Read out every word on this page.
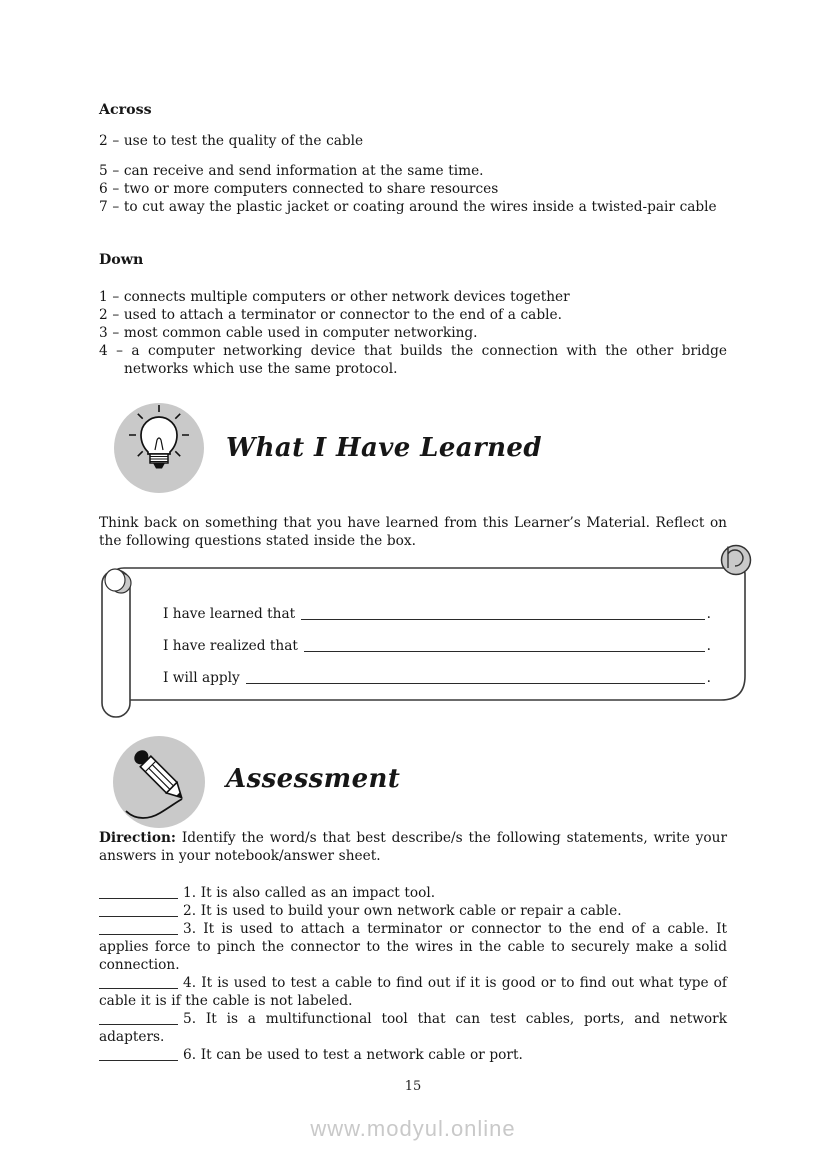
Across
2 – use to test the quality of the cable
5 – can receive and send information at the same time.
6 – two or more computers connected to share resources
7 – to cut away the plastic jacket or coating around the wires inside a twisted-pair cable
Down
1 – connects multiple computers or other network devices together
2 – used to attach a terminator or connector to the end of a cable.
3 – most common cable used in computer networking.
4 – a computer networking device that builds the connection with the other bridge networks which use the same protocol.
What I Have Learned
Think back on something that you have learned from this Learner’s Material. Reflect on the following questions stated inside the box.
I have learned that	.
I have realized that	.
I will apply	.
Assessment
Direction: Identify the word/s that best describe/s the following statements, write your answers in your notebook/answer sheet.
1. It is also called as an impact tool.
2. It is used to build your own network cable or repair a cable.
3. It is used to attach a terminator or connector to the end of a cable. It applies force to pinch the connector to the wires in the cable to securely make a solid connection.
4. It is used to test a cable to find out if it is good or to find out what type of cable it is if the cable is not labeled.
5. It is a multifunctional tool that can test cables, ports, and network adapters.
6. It can be used to test a network cable or port.
15
www.modyul.online
